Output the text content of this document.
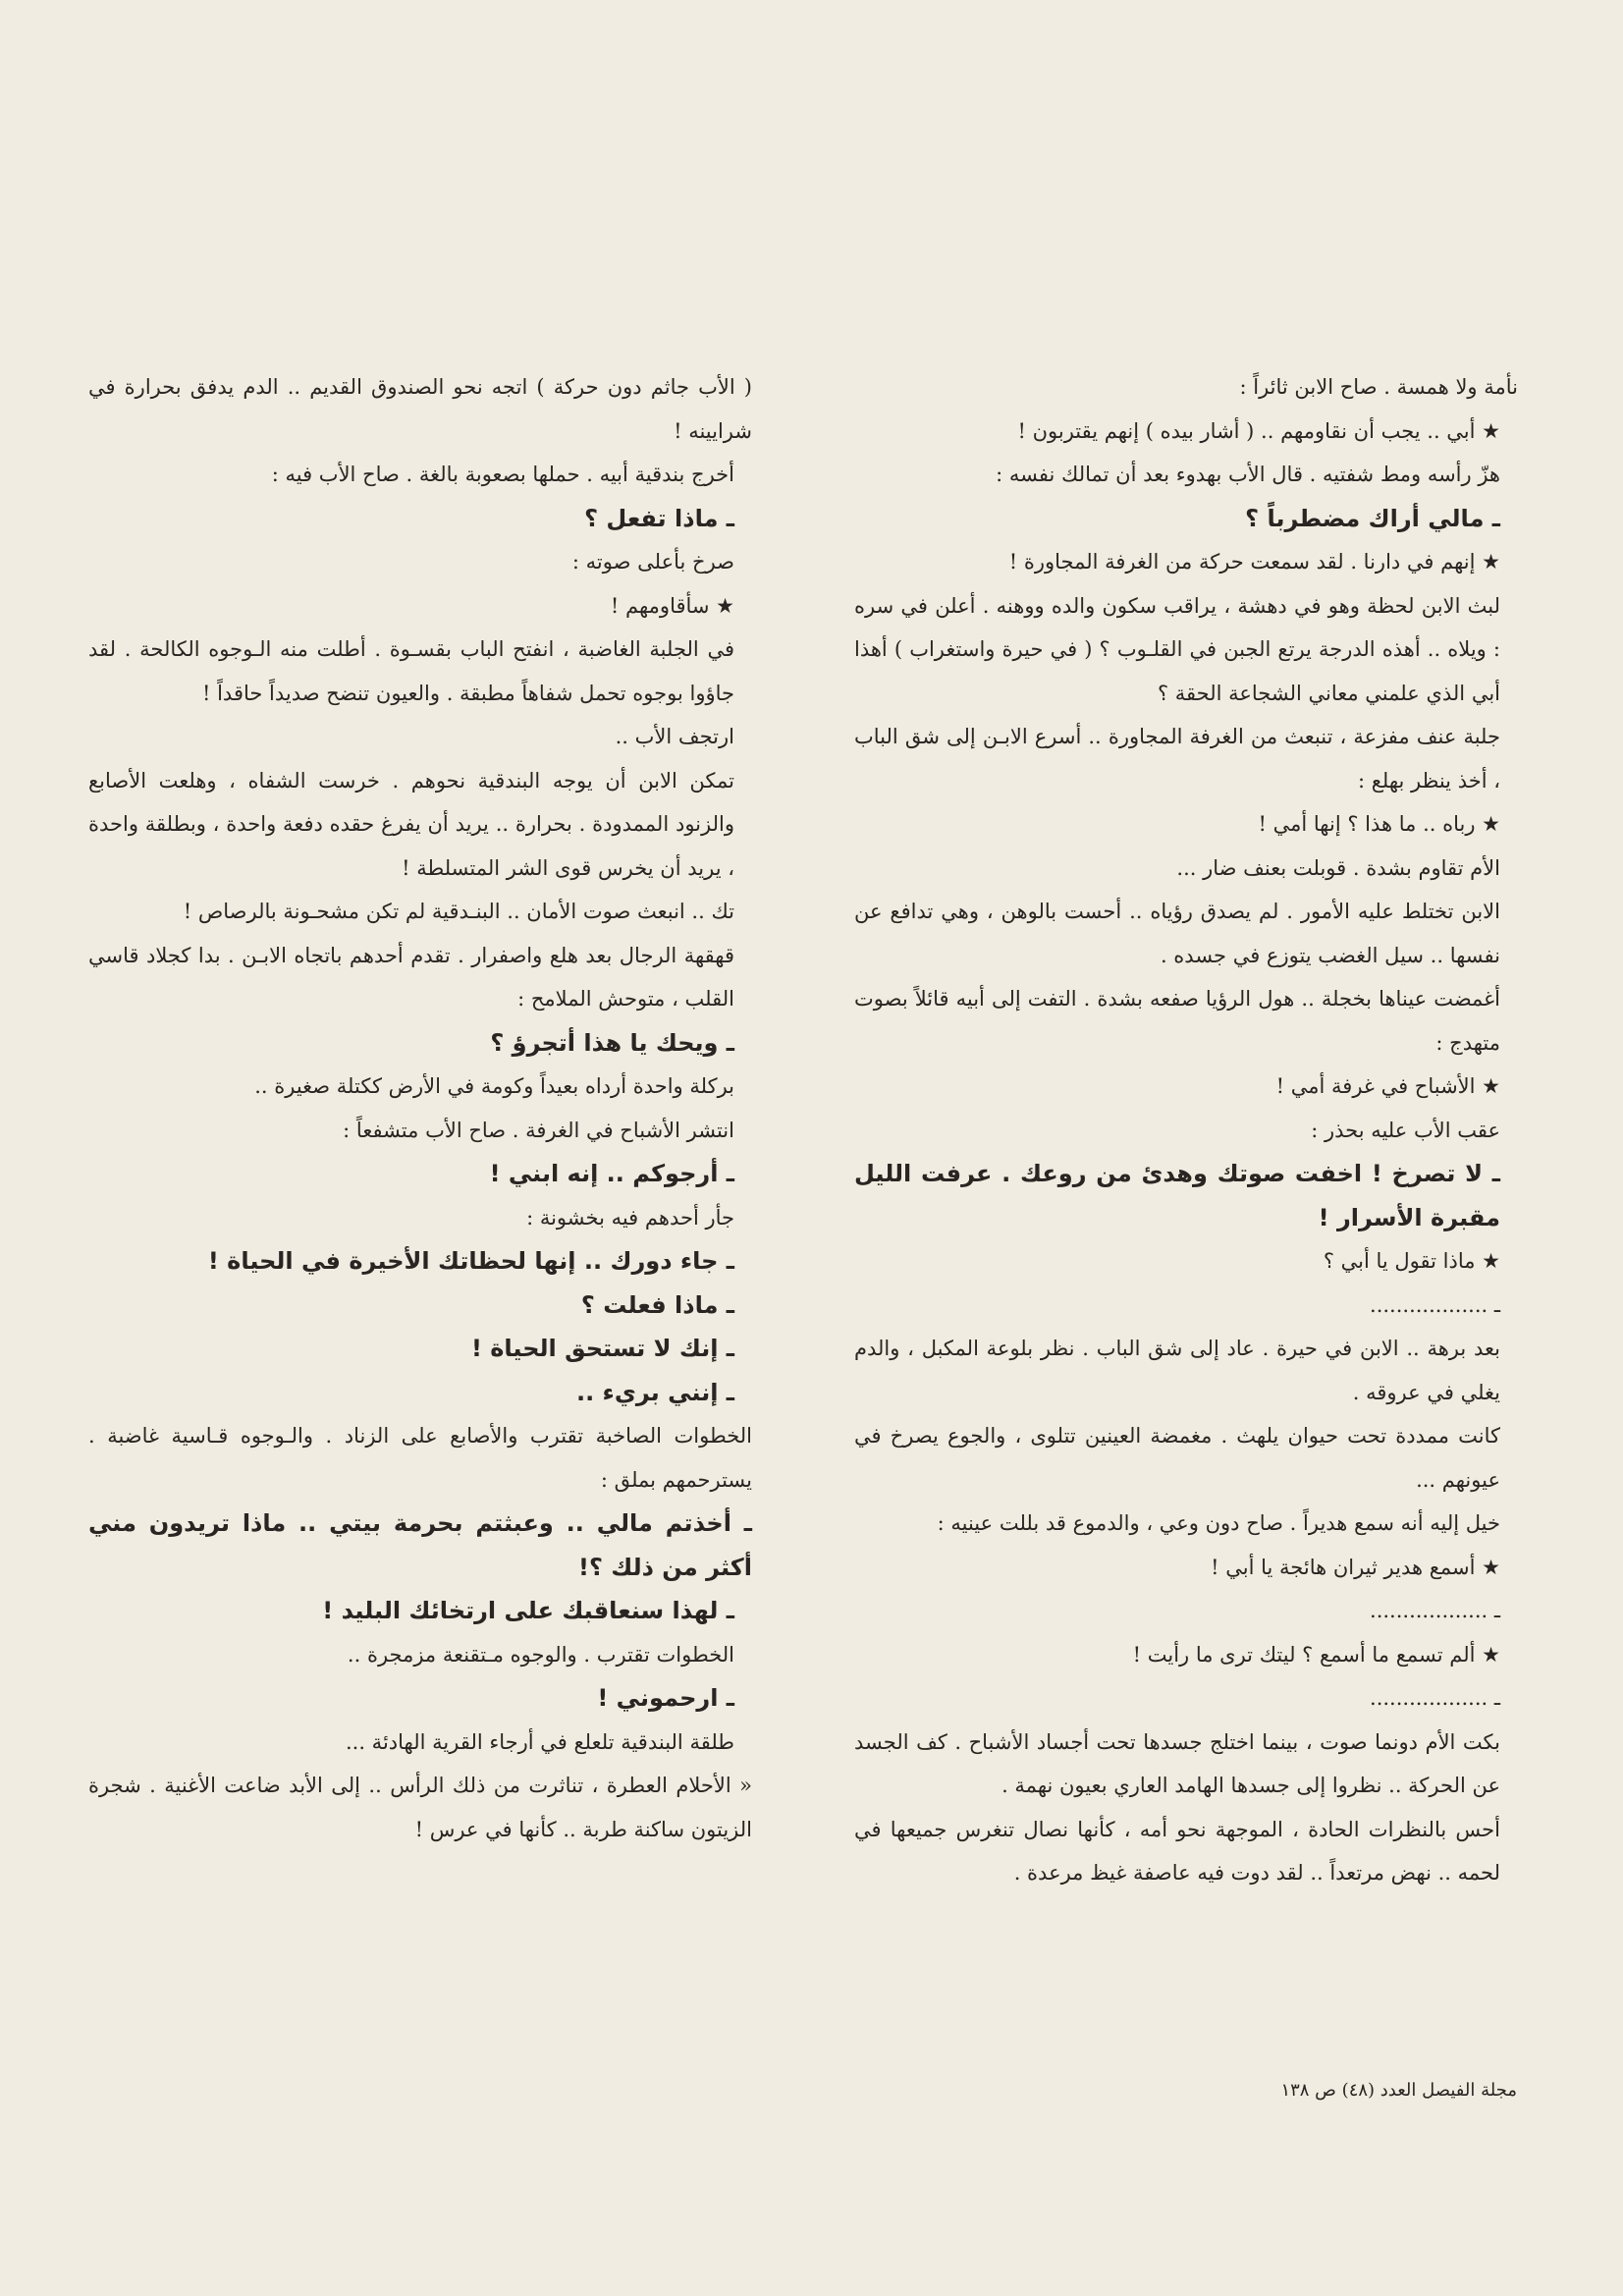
نأمة ولا همسة . صاح الابن ثائراً :

★ أبي .. يجب أن نقاومهم .. ( أشار بيده ) إنهم يقتربون !

هزّ رأسه ومط شفتيه . قال الأب بهدوء بعد أن تمالك نفسه :

ـ مالي أراك مضطرباً ؟

★ إنهم في دارنا . لقد سمعت حركة من الغرفة المجاورة !

لبث الابن لحظة وهو في دهشة ، يراقب سكون والده ووهنه . أعلن في سره : ويلاه .. أهذه الدرجة يرتع الجبن في القلـوب ؟ ( في حيرة واستغراب ) أهذا أبي الذي علمني معاني الشجاعة الحقة ؟

جلبة عنف مفزعة ، تنبعث من الغرفة المجاورة .. أسرع الابـن إلى شق الباب ، أخذ ينظر بهلع :

★ رباه .. ما هذا ؟ إنها أمي !

الأم تقاوم بشدة . قوبلت بعنف ضار ...

الابن تختلط عليه الأمور . لم يصدق رؤياه .. أحست بالوهن ، وهي تدافع عن نفسها .. سيل الغضب يتوزع في جسده .

أغمضت عيناها بخجلة .. هول الرؤيا صفعه بشدة . التفت إلى أبيه قائلاً بصوت متهدج :

★ الأشباح في غرفة أمي !

عقب الأب عليه بحذر :

ـ لا تصرخ ! اخفت صوتك وهدئ من روعك . عرفت الليل مقبرة الأسرار !

★ ماذا تقول يا أبي ؟

ـ ..................

بعد برهة .. الابن في حيرة . عاد إلى شق الباب . نظر بلوعة المكبل ، والدم يغلي في عروقه .

كانت ممددة تحت حيوان يلهث . مغمضة العينين تتلوى ، والجوع يصرخ في عيونهم ...

خيل إليه أنه سمع هديراً . صاح دون وعي ، والدموع قد بللت عينيه :

★ أسمع هدير ثيران هائجة يا أبي !

ـ ..................

★ ألم تسمع ما أسمع ؟ ليتك ترى ما رأيت !

ـ ..................

بكت الأم دونما صوت ، بينما اختلج جسدها تحت أجساد الأشباح . كف الجسد عن الحركة .. نظروا إلى جسدها الهامد العاري بعيون نهمة .

أحس بالنظرات الحادة ، الموجهة نحو أمه ، كأنها نصال تنغرس جميعها في لحمه .. نهض مرتعداً .. لقد دوت فيه عاصفة غيظ مرعدة .

( الأب جاثم دون حركة ) اتجه نحو الصندوق القديم .. الدم يدفق بحرارة في شرايينه !

أخرج بندقية أبيه . حملها بصعوبة بالغة . صاح الأب فيه :

ـ ماذا تفعل ؟

صرخ بأعلى صوته :

★ سأقاومهم !

في الجلبة الغاضبة ، انفتح الباب بقسـوة . أطلت منه الـوجوه الكالحة . لقد جاؤوا بوجوه تحمل شفاهاً مطبقة . والعيون تنضح صديداً حاقداً !

ارتجف الأب ..

تمكن الابن أن يوجه البندقية نحوهم . خرست الشفاه ، وهلعت الأصابع والزنود الممدودة . بحرارة .. يريد أن يفرغ حقده دفعة واحدة ، وبطلقة واحدة ، يريد أن يخرس قوى الشر المتسلطة !

تك .. انبعث صوت الأمان .. البنـدقية لم تكن مشحـونة بالرصاص !

قهقهة الرجال بعد هلع واصفرار . تقدم أحدهم باتجاه الابـن . بدا كجلاد قاسي القلب ، متوحش الملامح :

ـ ويحك يا هذا أتجرؤ ؟

بركلة واحدة أرداه بعيداً وكومة في الأرض ككتلة صغيرة ..

انتشر الأشباح في الغرفة . صاح الأب متشفعاً :

ـ أرجوكم .. إنه ابني !

جأر أحدهم فيه بخشونة :

ـ جاء دورك .. إنها لحظاتك الأخيرة في الحياة !

ـ ماذا فعلت ؟

ـ إنك لا تستحق الحياة !

ـ إنني بريء ..

الخطوات الصاخبة تقترب والأصابع على الزناد . والـوجوه قـاسية غاضبة . يسترحمهم بملق :

ـ أخذتم مالي .. وعبثتم بحرمة بيتي .. ماذا تريدون مني أكثر من ذلك ؟!

ـ لهذا سنعاقبك على ارتخائك البليد !

الخطوات تقترب . والوجوه مـتقنعة مزمجرة ..

ـ ارحموني !

طلقة البندقية تلعلع في أرجاء القرية الهادئة ...

« الأحلام العطرة ، تناثرت من ذلك الرأس .. إلى الأبد ضاعت الأغنية . شجرة الزيتون ساكنة طربة .. كأنها في عرس !

مجلة الفيصل العدد (٤٨) ص ١٣٨
